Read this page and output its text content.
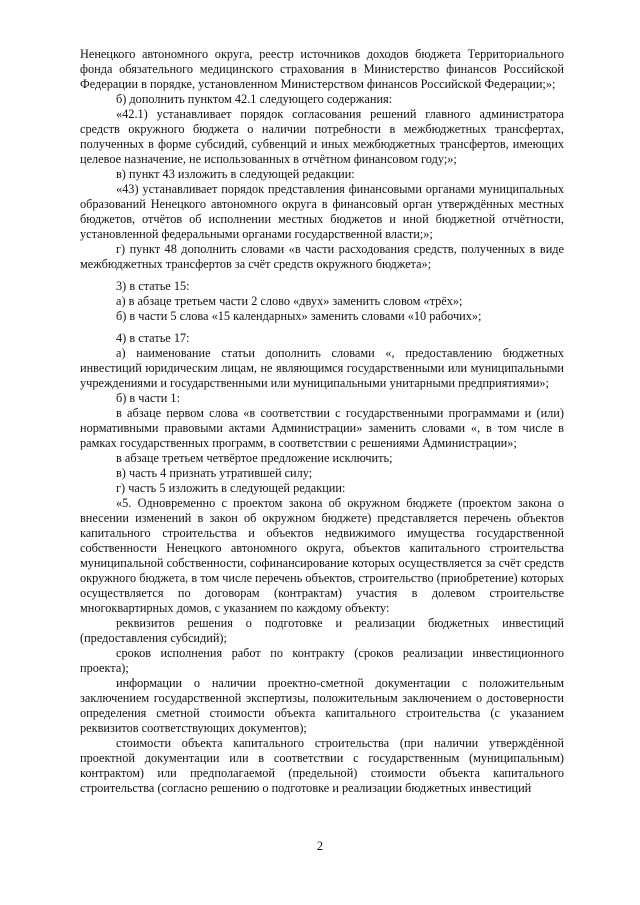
Ненецкого автономного округа, реестр источников доходов бюджета Территориального фонда обязательного медицинского страхования в Министерство финансов Российской Федерации в порядке, установленном Министерством финансов Российской Федерации;»;

б) дополнить пунктом 42.1 следующего содержания:

«42.1) устанавливает порядок согласования решений главного администратора средств окружного бюджета о наличии потребности в межбюджетных трансфертах, полученных в форме субсидий, субвенций и иных межбюджетных трансфертов, имеющих целевое назначение, не использованных в отчётном финансовом году;»;

в) пункт 43 изложить в следующей редакции:

«43) устанавливает порядок представления финансовыми органами муниципальных образований Ненецкого автономного округа в финансовый орган утверждённых местных бюджетов, отчётов об исполнении местных бюджетов и иной бюджетной отчётности, установленной федеральными органами государственной власти;»;

г) пункт 48 дополнить словами «в части расходования средств, полученных в виде межбюджетных трансфертов за счёт средств окружного бюджета»;

3) в статье 15:

а) в абзаце третьем части 2 слово «двух» заменить словом «трёх»;

б) в части 5 слова «15 календарных» заменить словами «10 рабочих»;

4) в статье 17:

а) наименование статьи дополнить словами «, предоставлению бюджетных инвестиций юридическим лицам, не являющимся государственными или муниципальными учреждениями и государственными или муниципальными унитарными предприятиями»;

б) в части 1:

в абзаце первом слова «в соответствии с государственными программами и (или) нормативными правовыми актами Администрации» заменить словами «, в том числе в рамках государственных программ, в соответствии с решениями Администрации»;

в абзаце третьем четвёртое предложение исключить;

в) часть 4 признать утратившей силу;

г) часть 5 изложить в следующей редакции:

«5. Одновременно с проектом закона об окружном бюджете (проектом закона о внесении изменений в закон об окружном бюджете) представляется перечень объектов капитального строительства и объектов недвижимого имущества государственной собственности Ненецкого автономного округа, объектов капитального строительства муниципальной собственности, софинансирование которых осуществляется за счёт средств окружного бюджета, в том числе перечень объектов, строительство (приобретение) которых осуществляется по договорам (контрактам) участия в долевом строительстве многоквартирных домов, с указанием по каждому объекту:

реквизитов решения о подготовке и реализации бюджетных инвестиций (предоставления субсидий);

сроков исполнения работ по контракту (сроков реализации инвестиционного проекта);

информации о наличии проектно-сметной документации с положительным заключением государственной экспертизы, положительным заключением о достоверности определения сметной стоимости объекта капитального строительства (с указанием реквизитов соответствующих документов);

стоимости объекта капитального строительства (при наличии утверждённой проектной документации или в соответствии с государственным (муниципальным) контрактом) или предполагаемой (предельной) стоимости объекта капитального строительства (согласно решению о подготовке и реализации бюджетных инвестиций

2
